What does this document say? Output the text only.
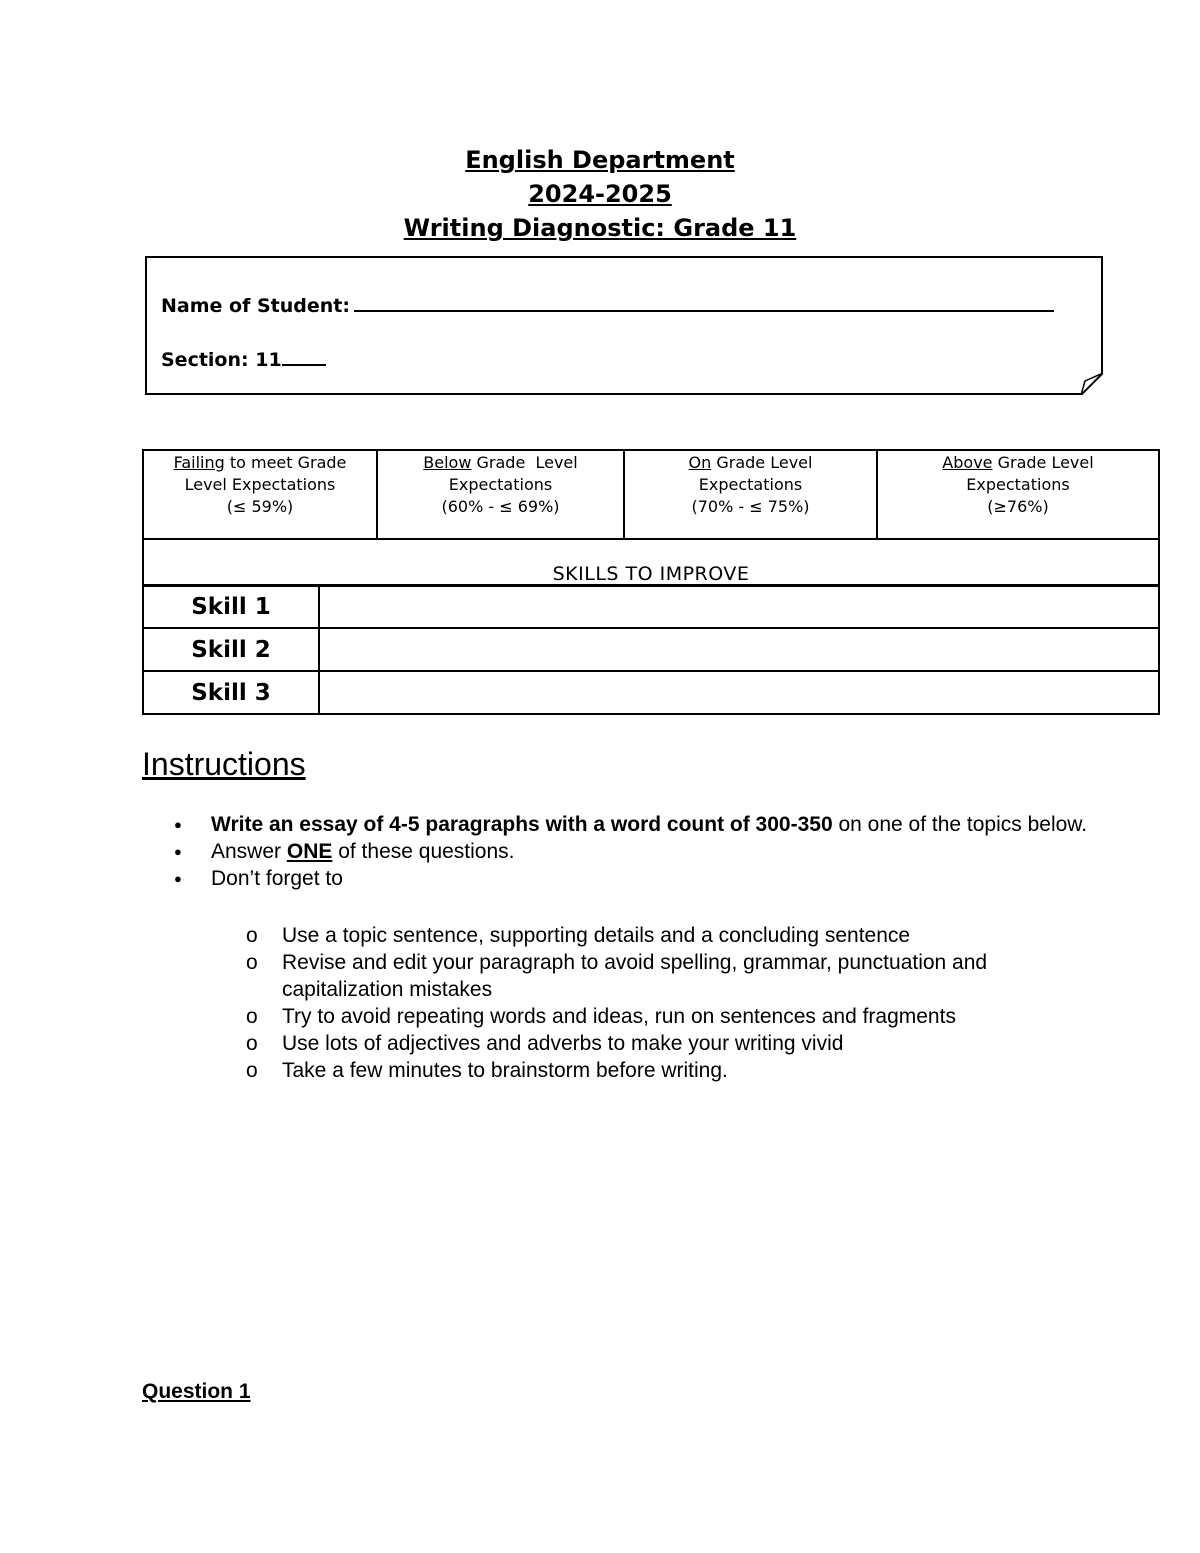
English Department
2024-2025
Writing Diagnostic: Grade 11
Name of Student:
Section: 11
Failing to meet Grade
Level Expectations
(≤ 59%)

Below Grade  Level
Expectations
(60% - ≤ 69%)

On Grade Level
Expectations
(70% - ≤ 75%)

Above Grade Level
Expectations
(≥76%)

SKILLS TO IMPROVE
Skill 1	
Skill 2	
Skill 3	
Instructions
● Write an essay of 4-5 paragraphs with a word count of 300-350 on one of the topics below.
● Answer ONE of these questions.
● Don’t forget to
o Use a topic sentence, supporting details and a concluding sentence
o Revise and edit your paragraph to avoid spelling, grammar, punctuation and capitalization mistakes
o Try to avoid repeating words and ideas, run on sentences and fragments
o Use lots of adjectives and adverbs to make your writing vivid
o Take a few minutes to brainstorm before writing.
Question 1
